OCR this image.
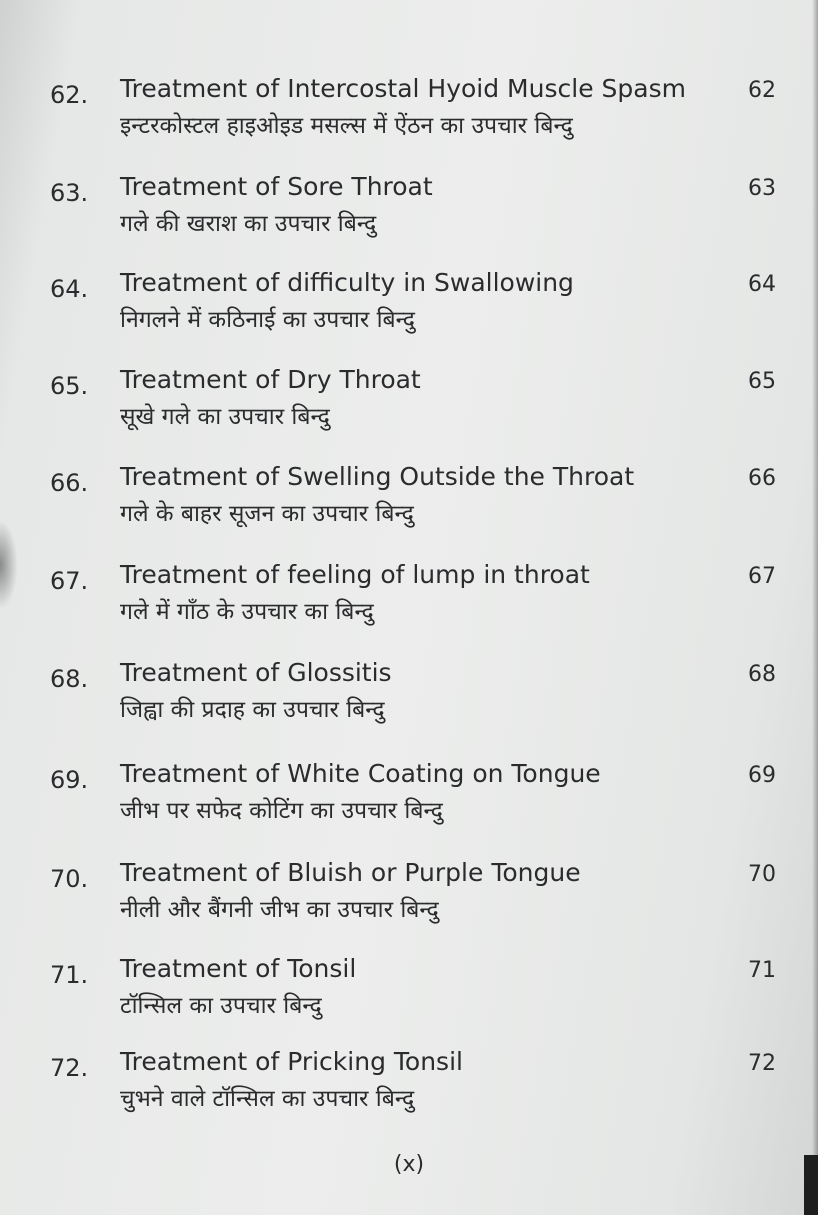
62. Treatment of Intercostal Hyoid Muscle Spasm
इन्टरकोस्टल हाइओइड मसल्स में ऐंठन का उपचार बिन्दु
62
63. Treatment of Sore Throat
गले की खराश का उपचार बिन्दु
63
64. Treatment of difficulty in Swallowing
निगलने में कठिनाई का उपचार बिन्दु
64
65. Treatment of Dry Throat
सूखे गले का उपचार बिन्दु
65
66. Treatment of Swelling Outside the Throat
गले के बाहर सूजन का उपचार बिन्दु
66
67. Treatment of feeling of lump in throat
गले में गाँठ के उपचार का बिन्दु
67
68. Treatment of Glossitis
जिह्वा की प्रदाह का उपचार बिन्दु
68
69. Treatment of White Coating on Tongue
जीभ पर सफेद कोटिंग का उपचार बिन्दु
69
70. Treatment of Bluish or Purple Tongue
नीली और बैंगनी जीभ का उपचार बिन्दु
70
71. Treatment of Tonsil
टॉन्सिल का उपचार बिन्दु
71
72. Treatment of Pricking Tonsil
चुभने वाले टॉन्सिल का उपचार बिन्दु
72
(x)
